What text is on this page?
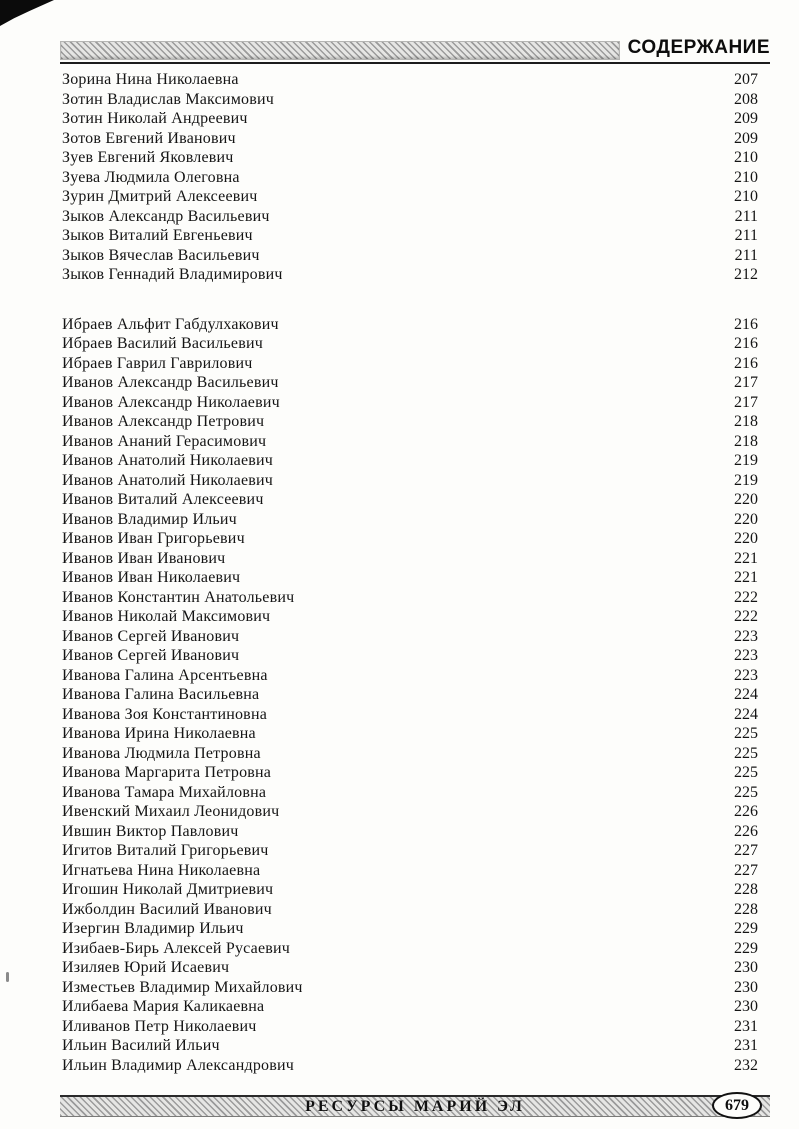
СОДЕРЖАНИЕ
Зорина Нина Николаевна	207
Зотин Владислав Максимович	208
Зотин Николай Андреевич	209
Зотов Евгений Иванович	209
Зуев Евгений Яковлевич	210
Зуева Людмила Олеговна	210
Зурин Дмитрий Алексеевич	210
Зыков Александр Васильевич	211
Зыков Виталий Евгеньевич	211
Зыков Вячеслав Васильевич	211
Зыков Геннадий Владимирович	212
Ибраев Альфит Габдулхакович	216
Ибраев Василий Васильевич	216
Ибраев Гаврил Гаврилович	216
Иванов Александр Васильевич	217
Иванов Александр Николаевич	217
Иванов Александр Петрович	218
Иванов Ананий Герасимович	218
Иванов Анатолий Николаевич	219
Иванов Анатолий Николаевич	219
Иванов Виталий Алексеевич	220
Иванов Владимир Ильич	220
Иванов Иван Григорьевич	220
Иванов Иван Иванович	221
Иванов Иван Николаевич	221
Иванов Константин Анатольевич	222
Иванов Николай Максимович	222
Иванов Сергей Иванович	223
Иванов Сергей Иванович	223
Иванова Галина Арсентьевна	223
Иванова Галина Васильевна	224
Иванова Зоя Константиновна	224
Иванова Ирина Николаевна	225
Иванова Людмила Петровна	225
Иванова Маргарита Петровна	225
Иванова Тамара Михайловна	225
Ивенский Михаил Леонидович	226
Ившин Виктор Павлович	226
Игитов Виталий Григорьевич	227
Игнатьева Нина Николаевна	227
Игошин Николай Дмитриевич	228
Ижболдин Василий Иванович	228
Изергин Владимир Ильич	229
Изибаев-Бирь Алексей Русаевич	229
Изиляев Юрий Исаевич	230
Изместьев Владимир Михайлович	230
Илибаева Мария Каликаевна	230
Иливанов Петр Николаевич	231
Ильин Василий Ильич	231
Ильин Владимир Александрович	232
РЕСУРСЫ МАРИЙ ЭЛ	679
